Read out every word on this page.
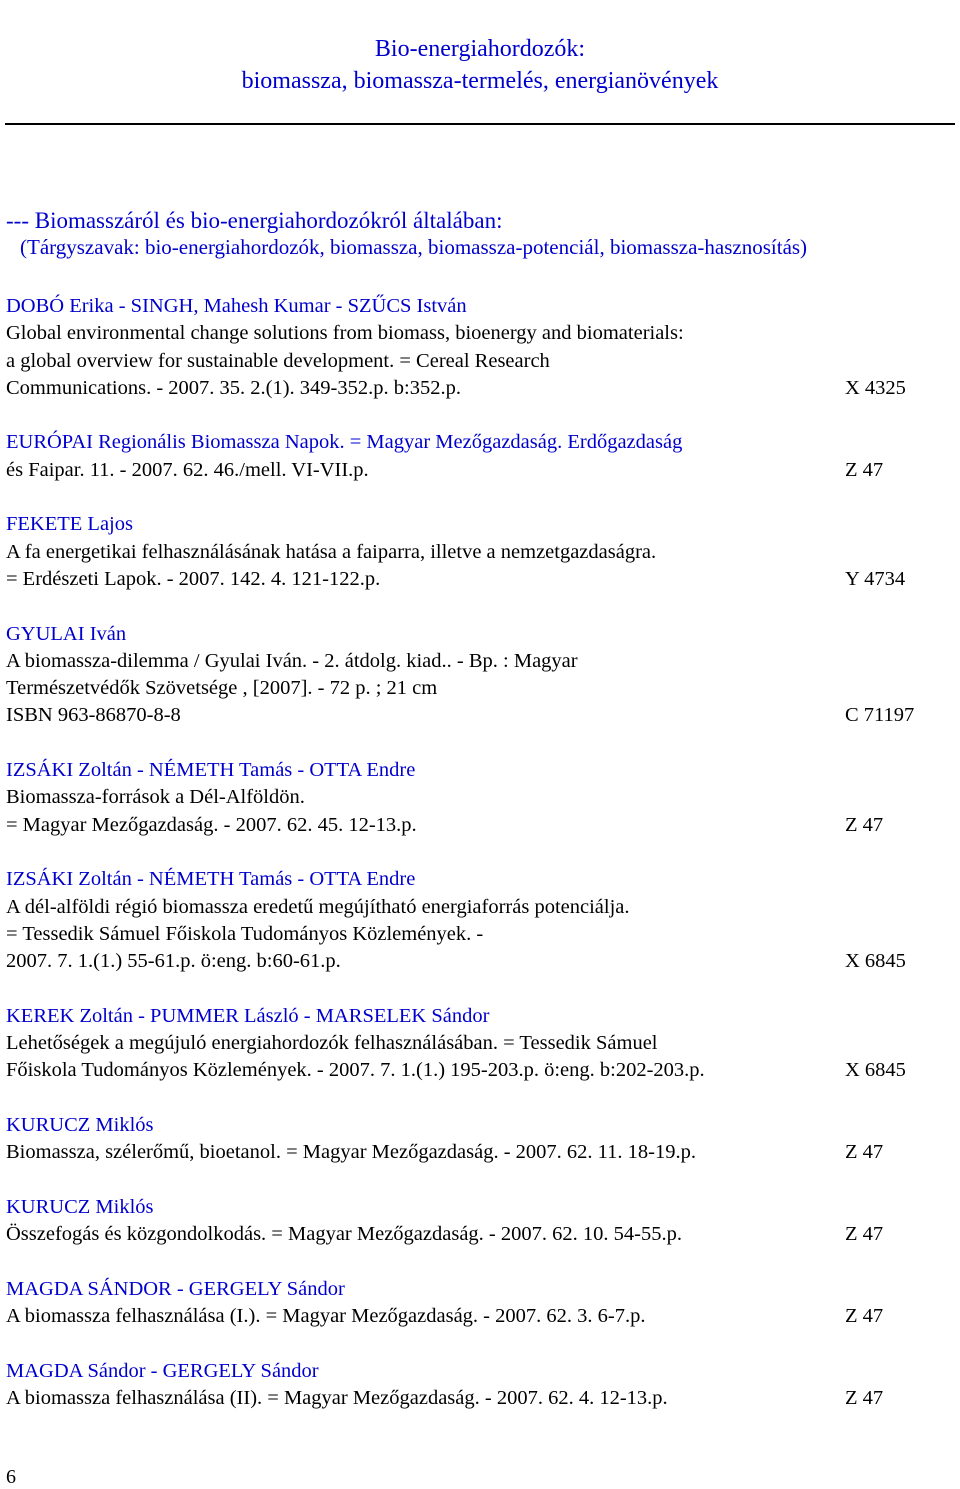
Bio-energiahordozók:
biomassza, biomassza-termelés, energianövények
--- Biomasszáról és bio-energiahordozókról általában:
(Tárgyszavak: bio-energiahordozók, biomassza, biomassza-potenciál, biomassza-hasznosítás)
DOBÓ Erika - SINGH, Mahesh Kumar - SZŰCS István
Global environmental change solutions from biomass, bioenergy and biomaterials:
a global overview for sustainable development. = Cereal Research
Communications. - 2007. 35. 2.(1). 349-352.p. b:352.p.	X 4325
EURÓPAI Regionális Biomassza Napok. = Magyar Mezőgazdaság. Erdőgazdaság
és Faipar. 11. - 2007. 62. 46./mell. VI-VII.p.	Z 47
FEKETE Lajos
A fa energetikai felhasználásának hatása a faiparra, illetve a nemzetgazdaságra.
= Erdészeti Lapok. - 2007. 142. 4. 121-122.p.	Y 4734
GYULAI Iván
A biomassza-dilemma / Gyulai Iván. - 2. átdolg. kiad.. - Bp. : Magyar
Természetvédők Szövetsége , [2007]. - 72 p. ; 21 cm
ISBN 963-86870-8-8	C 71197
IZSÁKI Zoltán - NÉMETH Tamás - OTTA Endre
Biomassza-források a Dél-Alföldön.
= Magyar Mezőgazdaság. - 2007. 62. 45. 12-13.p.	Z 47
IZSÁKI Zoltán - NÉMETH Tamás - OTTA Endre
A dél-alföldi régió biomassza eredetű megújítható energiaforrás potenciálja.
= Tessedik Sámuel Főiskola Tudományos Közlemények. -
2007. 7. 1.(1.) 55-61.p. ö:eng. b:60-61.p.	X 6845
KEREK Zoltán - PUMMER László - MARSELEK Sándor
Lehetőségek a megújuló energiahordozók felhasználásában. = Tessedik Sámuel
Főiskola Tudományos Közlemények. - 2007. 7. 1.(1.) 195-203.p. ö:eng. b:202-203.p.	X 6845
KURUCZ Miklós
Biomassza, szélerőmű, bioetanol. = Magyar Mezőgazdaság. - 2007. 62. 11. 18-19.p.	Z 47
KURUCZ Miklós
Összefogás és közgondolkodás. = Magyar Mezőgazdaság. - 2007. 62. 10. 54-55.p.	Z 47
MAGDA SÁNDOR - GERGELY Sándor
A biomassza felhasználása (I.). = Magyar Mezőgazdaság. - 2007. 62. 3. 6-7.p.	Z 47
MAGDA Sándor - GERGELY Sándor
A biomassza felhasználása (II). = Magyar Mezőgazdaság. - 2007. 62. 4. 12-13.p.	Z 47
6
